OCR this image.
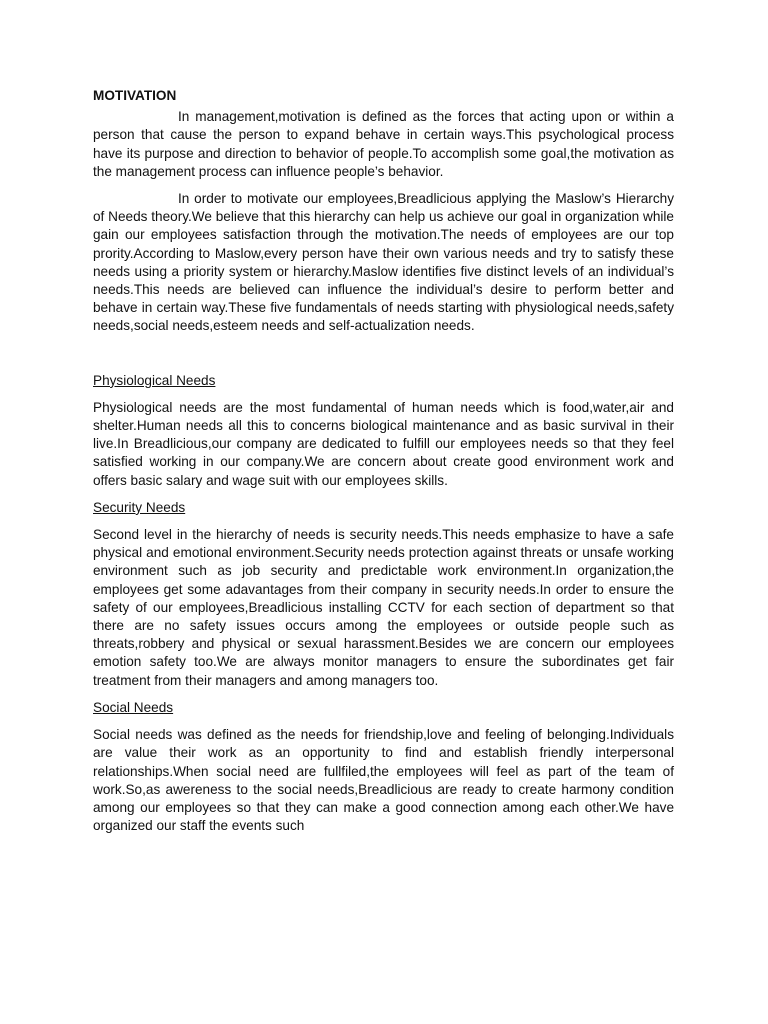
MOTIVATION

In management,motivation is defined as the forces that acting upon or within a person that cause the person to expand behave in certain ways.This psychological process have its purpose and direction to behavior of people.To accomplish some goal,the motivation as the management process can influence people’s behavior.

In order to motivate our employees,Breadlicious applying the Maslow’s Hierarchy of Needs theory.We believe that this hierarchy can help us achieve our goal in organization while gain our employees satisfaction through the motivation.The needs of employees are our top prority.According to Maslow,every person have their own various needs and try to satisfy these needs using a priority system or hierarchy.Maslow identifies five distinct levels of an individual’s needs.This needs are believed can influence the individual’s desire to perform better and behave in certain way.These five fundamentals of needs starting with physiological needs,safety needs,social needs,esteem needs and self-actualization needs.

Physiological Needs

Physiological needs are the most fundamental of human needs which is food,water,air and shelter.Human needs all this to concerns biological maintenance and as basic survival in their live.In Breadlicious,our company are dedicated to fulfill our employees needs so that they feel satisfied working in our company.We are concern about create good environment work and offers basic salary and wage suit with our employees skills.

Security Needs

Second level in the hierarchy of needs is security needs.This needs emphasize to have a safe physical and emotional environment.Security needs protection against threats or unsafe working environment such as job security and predictable work environment.In organization,the employees get some adavantages from their company in security needs.In order to ensure the safety of our employees,Breadlicious installing CCTV for each section of department so that there are no safety issues occurs among the employees or outside people such as threats,robbery and physical or sexual harassment.Besides we are concern our employees emotion safety too.We are always monitor managers to ensure the subordinates get fair treatment from their managers and among managers too.

Social Needs

Social needs was defined as the needs for friendship,love and feeling of belonging.Individuals are value their work as an opportunity to find and establish friendly interpersonal relationships.When social need are fullfiled,the employees will feel as part of the team of work.So,as awereness to the social needs,Breadlicious are ready to create harmony condition among our employees so that they can make a good connection among each other.We have organized our staff the events such
